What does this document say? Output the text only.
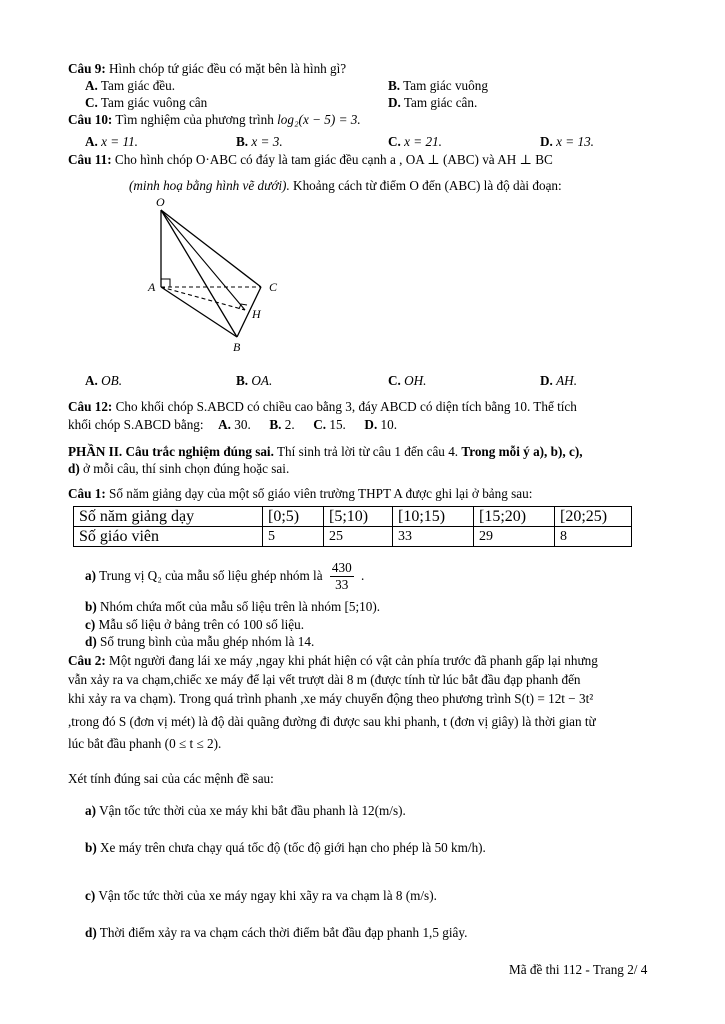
Câu 9: Hình chóp tứ giác đều có mặt bên là hình gì?
A. Tam giác đều.	B. Tam giác vuông
C. Tam giác vuông cân	D. Tam giác cân.
Câu 10: Tìm nghiệm của phương trình log₂(x − 5) = 3.
A. x = 11.	B. x = 3.	C. x = 21.	D. x = 13.
Câu 11: Cho hình chóp O·ABC có đáy là tam giác đều cạnh a , OA ⊥ (ABC) và AH ⊥ BC
(minh hoạ bằng hình vẽ dưới). Khoảng cách từ điểm O đến (ABC) là độ dài đoạn:
O
A	C
H
B
A. OB.	B. OA.	C. OH.	D. AH.
Câu 12: Cho khối chóp S.ABCD có chiều cao bằng 3, đáy ABCD có diện tích bằng 10. Thể tích
khối chóp S.ABCD bằng: A. 30. B. 2. C. 15. D. 10.
PHẦN II. Câu trắc nghiệm đúng sai. Thí sinh trả lời từ câu 1 đến câu 4. Trong mỗi ý a), b), c),
d) ở mỗi câu, thí sinh chọn đúng hoặc sai.
Câu 1: Số năm giảng dạy của một số giáo viên trường THPT A được ghi lại ở bảng sau:
Số năm giảng dạy	[0;5)	[5;10)	[10;15)	[15;20)	[20;25)
Số giáo viên	5	25	33	29	8
a) Trung vị Q₂ của mẫu số liệu ghép nhóm là $\frac{430}{33}$ .
b) Nhóm chứa mốt của mẫu số liệu trên là nhóm [5;10).
c) Mẫu số liệu ở bảng trên có 100 số liệu.
d) Số trung bình của mẫu ghép nhóm là 14.
Câu 2: Một người đang lái xe máy ,ngay khi phát hiện có vật cản phía trước đã phanh gấp lại nhưng
vẫn xảy ra va chạm,chiếc xe máy để lại vết trượt dài 8 m (được tính từ lúc bắt đầu đạp phanh đến
khi xảy ra va chạm). Trong quá trình phanh ,xe máy chuyển động theo phương trình S(t) = 12t − 3t²
,trong đó S (đơn vị mét) là độ dài quãng đường đi được sau khi phanh, t (đơn vị giây) là thời gian từ
lúc bắt đầu phanh (0 ≤ t ≤ 2).
Xét tính đúng sai của các mệnh đề sau:
a) Vận tốc tức thời của xe máy khi bắt đầu phanh là 12(m/s).
b) Xe máy trên chưa chạy quá tốc độ (tốc độ giới hạn cho phép là 50 km/h).
c) Vận tốc tức thời của xe máy ngay khi xãy ra va chạm là 8 (m/s).
d) Thời điểm xảy ra va chạm cách thời điểm bắt đầu đạp phanh 1,5 giây.
Mã đề thi 112 - Trang 2/ 4
